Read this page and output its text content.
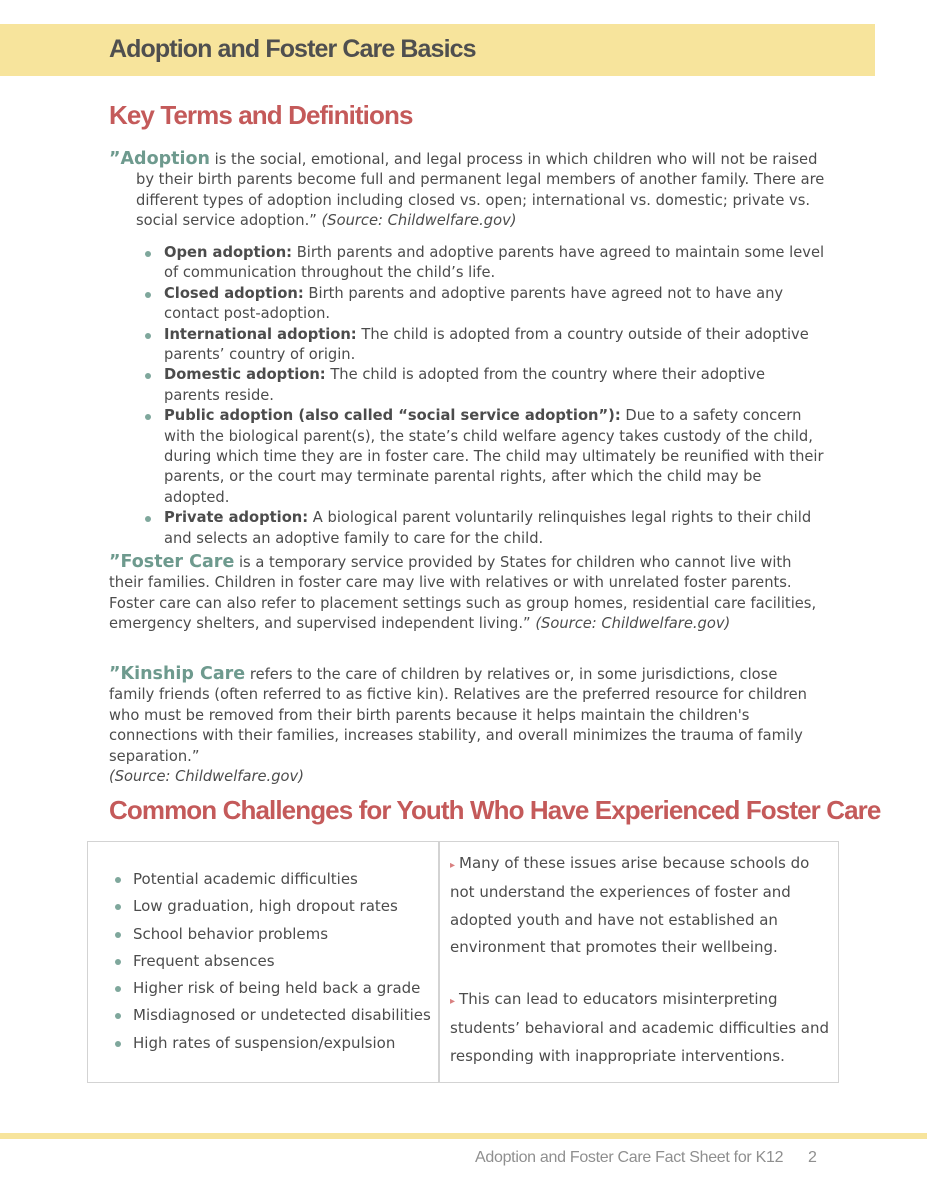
Adoption and Foster Care Basics
Key Terms and Definitions

”Adoption is the social, emotional, and legal process in which children who will not be raised by their birth parents become full and permanent legal members of another family. There are different types of adoption including closed vs. open; international vs. domestic; private vs. social service adoption.” (Source: Childwelfare.gov)

Open adoption: Birth parents and adoptive parents have agreed to maintain some level of communication throughout the child’s life.
Closed adoption: Birth parents and adoptive parents have agreed not to have any contact post-adoption.
International adoption: The child is adopted from a country outside of their adoptive parents’ country of origin.
Domestic adoption: The child is adopted from the country where their adoptive parents reside.
Public adoption (also called “social service adoption”): Due to a safety concern with the biological parent(s), the state’s child welfare agency takes custody of the child, during which time they are in foster care. The child may ultimately be reunified with their parents, or the court may terminate parental rights, after which the child may be adopted.
Private adoption: A biological parent voluntarily relinquishes legal rights to their child and selects an adoptive family to care for the child.

”Foster Care is a temporary service provided by States for children who cannot live with their families. Children in foster care may live with relatives or with unrelated foster parents. Foster care can also refer to placement settings such as group homes, residential care facilities, emergency shelters, and supervised independent living.” (Source: Childwelfare.gov)

”Kinship Care refers to the care of children by relatives or, in some jurisdictions, close family friends (often referred to as fictive kin). Relatives are the preferred resource for children who must be removed from their birth parents because it helps maintain the children's connections with their families, increases stability, and overall minimizes the trauma of family separation.”
(Source: Childwelfare.gov)

Common Challenges for Youth Who Have Experienced Foster Care
Potential academic difficulties
Low graduation, high dropout rates
School behavior problems
Frequent absences
Higher risk of being held back a grade
Misdiagnosed or undetected disabilities
High rates of suspension/expulsion

▸ Many of these issues arise because schools do not understand the experiences of foster and adopted youth and have not established an environment that promotes their wellbeing.

▸ This can lead to educators misinterpreting students’ behavioral and academic difficulties and responding with inappropriate interventions.

Adoption and Foster Care Fact Sheet for K12 2
